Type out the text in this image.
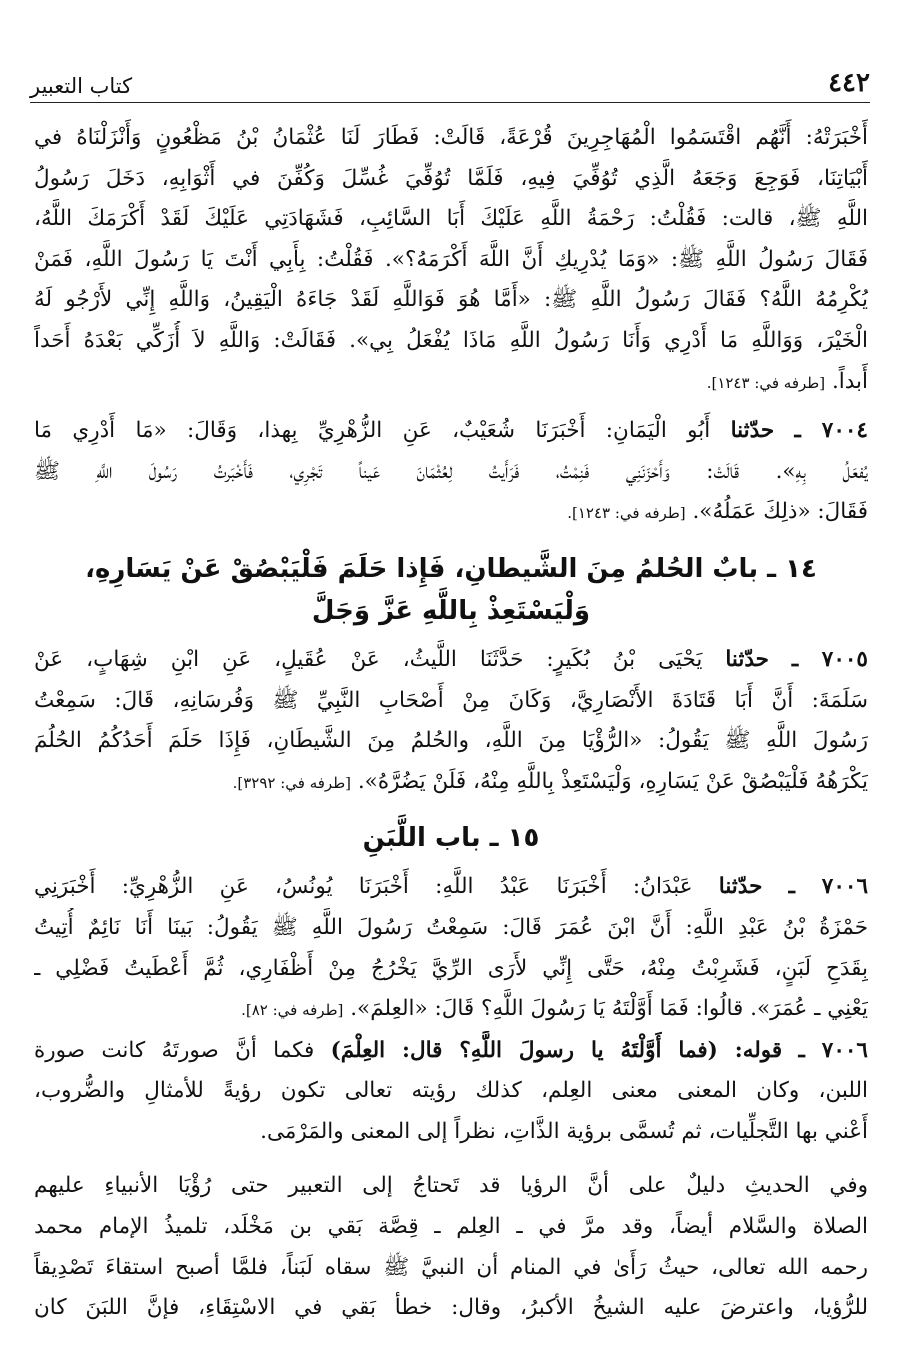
٤٤٢
كتاب التعبير

أَخْبَرَتْهُ: أَنَّهُم اقْتَسَمُوا الْمُهَاجِرِينَ قُرْعَةً، قَالَتْ: فَطَارَ لَنَا عُثْمَانُ بْنُ مَظْعُونٍ وَأَنْزَلْنَاهُ في
أَبْيَاتِنَا، فَوَجِعَ وَجَعَهُ الَّذِي تُوُفِّيَ فِيهِ، فَلَمَّا تُوُفِّيَ غُسِّلَ وَكُفِّنَ في أَثْوَابِهِ، دَخَلَ رَسُولُ
اللَّهِ ﷺ، قالت: فَقُلْتُ: رَحْمَةُ اللَّهِ عَلَيْكَ أَبَا السَّائِبِ، فَشَهَادَتِي عَلَيْكَ لَقَدْ أَكْرَمَكَ اللَّهُ،
فَقَالَ رَسُولُ اللَّهِ ﷺ: «وَمَا يُدْرِيكِ أَنَّ اللَّهَ أَكْرَمَهُ؟». فَقُلْتُ: بِأَبِي أَنْتَ يَا رَسُولَ اللَّهِ، فَمَنْ
يُكْرِمُهُ اللَّهُ؟ فَقَالَ رَسُولُ اللَّهِ ﷺ: «أَمَّا هُوَ فَوَاللَّهِ لَقَدْ جَاءَهُ الْيَقِينُ، وَاللَّهِ إِنِّي لأَرْجُو لَهُ
الْخَيْرَ، وَوَاللَّهِ مَا أَدْرِي وَأَنَا رَسُولُ اللَّهِ مَاذَا يُفْعَلُ بِي». فَقَالَتْ: وَاللَّهِ لاَ أُزَكِّي بَعْدَهُ أَحَداً
أَبداً. [طرفه في: ١٢٤٣].

٧٠٠٤ ـ حدّثنا أَبُو الْيَمَانِ: أَخْبَرَنَا شُعَيْبٌ، عَنِ الزُّهْرِيِّ بِهذا، وَقَالَ: «مَا أَدْرِي مَا
يُفعَلُ بِهِ». قَالَتْ: وَأَحْزَنَنِي فَنِمْتُ، فَرَأَيتُ لِعُثْمَانَ عَيناً تَجْرِي، فَأَخْبَرتُ رَسُولَ اللَّهِ ﷺ
فَقَالَ: «ذلِكَ عَمَلُهُ». [طرفه في: ١٢٤٣].

١٤ ـ بابٌ الحُلمُ مِنَ الشَّيطانِ، فَإِذا حَلَمَ فَلْيَبْصُقْ عَنْ يَسَارِهِ،
وَلْيَسْتَعِذْ بِاللَّهِ عَزَّ وَجَلَّ

٧٠٠٥ ـ حدّثنا يَحْيَى بْنُ بُكَيرٍ: حَدَّثَنَا اللَّيثُ، عَنْ عُقَيلٍ، عَنِ ابْنِ شِهَابٍ، عَنْ
سَلَمَةَ: أَنَّ أَبَا قَتَادَةَ الأَنْصَارِيَّ، وَكَانَ مِنْ أَصْحَابِ النَّبِيِّ ﷺ وَفُرسَانِهِ، قَالَ: سَمِعْتُ
رَسُولَ اللَّهِ ﷺ يَقُولُ: «الرُّؤْيَا مِنَ اللَّهِ، والحُلمُ مِنَ الشَّيطَانِ، فَإِذَا حَلَمَ أَحَدُكُمُ الحُلُمَ
يَكْرَهُهُ فَلْيَبْصُقْ عَنْ يَسَارِهِ، وَلْيَسْتَعِذْ بِاللَّهِ مِنْهُ، فَلَنْ يَضُرَّهُ». [طرفه في: ٣٢٩٢].

١٥ ـ باب اللَّبَنِ

٧٠٠٦ ـ حدّثنا عَبْدَانُ: أَخْبَرَنَا عَبْدُ اللَّهِ: أَخْبَرَنَا يُونُسُ، عَنِ الزُّهْرِيِّ: أَخْبَرَنِي
حَمْزَةُ بْنُ عَبْدِ اللَّهِ: أَنَّ ابْنَ عُمَرَ قَالَ: سَمِعْتُ رَسُولَ اللَّهِ ﷺ يَقُولُ: بَينَا أَنَا نَائِمٌ أُتِيتُ
بِقَدَحِ لَبَنٍ، فَشَرِبْتُ مِنْهُ، حَتَّى إِنِّي لأَرَى الرِّيَّ يَخْرُجُ مِنْ أَظْفَارِي، ثُمَّ أَعْطَيتُ فَضْلِي ـ
يَعْنِي ـ عُمَرَ». قالُوا: فَمَا أَوَّلْتَهُ يَا رَسُولَ اللَّهِ؟ قَالَ: «العِلمَ». [طرفه في: ٨٢].

٧٠٠٦ ـ قوله: (فما أَوَّلْتَهُ يا رسولَ اللَّهِ؟ قال: العِلْمَ) فكما أنَّ صورتَهُ كانت صورة
اللبن، وكان المعنى معنى العِلم، كذلك رؤيته تعالى تكون رؤيةً للأمثالِ والضُّروب،
أَعْني بها التَّجلِّيات، ثم تُسمَّى برؤية الذَّاتِ، نظراً إلى المعنى والمَرْمَى.

وفي الحديثِ دليلٌ على أنَّ الرؤيا قد تَحتاجُ إلى التعبير حتى رُؤْيَا الأنبياءِ عليهم
الصلاة والسَّلام أيضاً، وقد مرَّ في ـ العِلم ـ قِصَّة بَقي بن مَخْلَد، تلميذُ الإمام محمد
رحمه الله تعالى، حيثُ رَأَىٰ في المنام أن النبيَّ ﷺ سقاه لَبَناً، فلمَّا أصبح استقاءَ تَصْدِيقاً
للرُّؤيا، واعترضَ عليه الشيخُ الأكبرُ، وقال: خطأ بَقي في الاسْتِقَاءِ، فإنَّ اللبَنَ كان
